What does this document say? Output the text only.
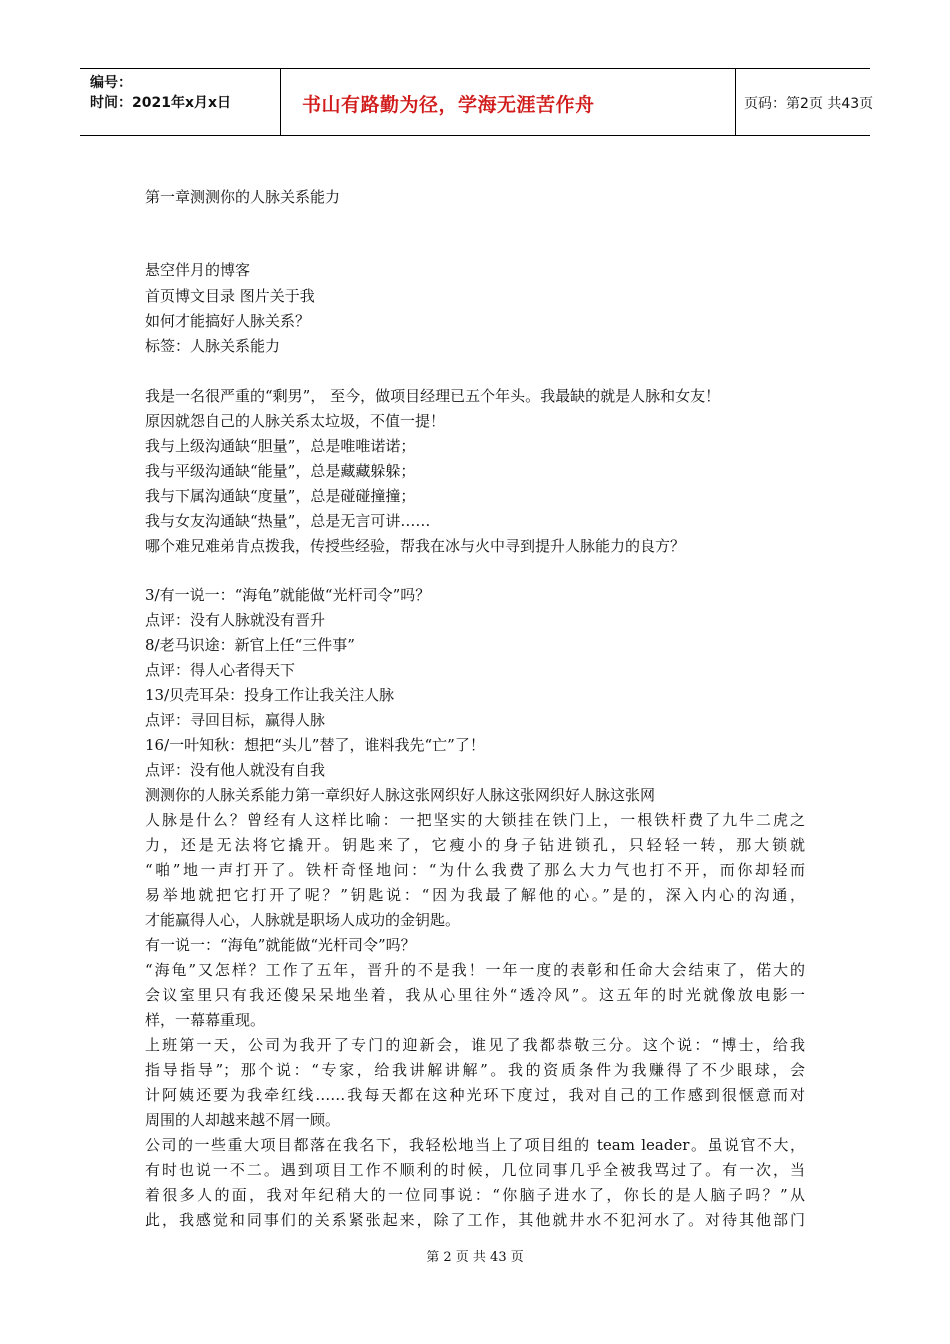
编号：
时间：2021年x月x日	书山有路勤为径，学海无涯苦作舟	页码：第2页 共43页
第一章测测你的人脉关系能力
悬空伴月的博客
首页博文目录 图片关于我
如何才能搞好人脉关系？
标签：人脉关系能力
我是一名很严重的“剩男”， 至今，做项目经理已五个年头。我最缺的就是人脉和女友！
原因就怨自己的人脉关系太垃圾，不值一提！
我与上级沟通缺“胆量”，总是唯唯诺诺；
我与平级沟通缺“能量”，总是藏藏躲躲；
我与下属沟通缺“度量”，总是碰碰撞撞；
我与女友沟通缺“热量”，总是无言可讲……
哪个难兄难弟肯点拨我，传授些经验，帮我在冰与火中寻到提升人脉能力的良方？
3/有一说一：“海龟”就能做“光杆司令”吗？
点评：没有人脉就没有晋升
8/老马识途：新官上任“三件事”
点评：得人心者得天下
13/贝壳耳朵：投身工作让我关注人脉
点评：寻回目标，赢得人脉
16/一叶知秋：想把“头儿”替了，谁料我先“亡”了！
点评：没有他人就没有自我
测测你的人脉关系能力第一章织好人脉这张网织好人脉这张网织好人脉这张网
人脉是什么？曾经有人这样比喻：一把坚实的大锁挂在铁门上，一根铁杆费了九牛二虎之
力，还是无法将它撬开。钥匙来了，它瘦小的身子钻进锁孔，只轻轻一转，那大锁就
“啪”地一声打开了。铁杆奇怪地问：“为什么我费了那么大力气也打不开，而你却轻而
易举地就把它打开了呢？”钥匙说：“因为我最了解他的心。”是的，深入内心的沟通，
才能赢得人心，人脉就是职场人成功的金钥匙。
有一说一：“海龟”就能做“光杆司令”吗？
“海龟”又怎样？工作了五年，晋升的不是我！一年一度的表彰和任命大会结束了，偌大的
会议室里只有我还傻呆呆地坐着，我从心里往外“透冷风”。这五年的时光就像放电影一
样，一幕幕重现。
上班第一天，公司为我开了专门的迎新会，谁见了我都恭敬三分。这个说：“博士，给我
指导指导”；那个说：“专家，给我讲解讲解”。我的资质条件为我赚得了不少眼球，会
计阿姨还要为我牵红线……我每天都在这种光环下度过，我对自己的工作感到很惬意而对
周围的人却越来越不屑一顾。
公司的一些重大项目都落在我名下，我轻松地当上了项目组的 team leader。虽说官不大，
有时也说一不二。遇到项目工作不顺利的时候，几位同事几乎全被我骂过了。有一次，当
着很多人的面，我对年纪稍大的一位同事说：“你脑子进水了，你长的是人脑子吗？”从
此，我感觉和同事们的关系紧张起来，除了工作，其他就井水不犯河水了。对待其他部门
第 2 页 共 43 页
